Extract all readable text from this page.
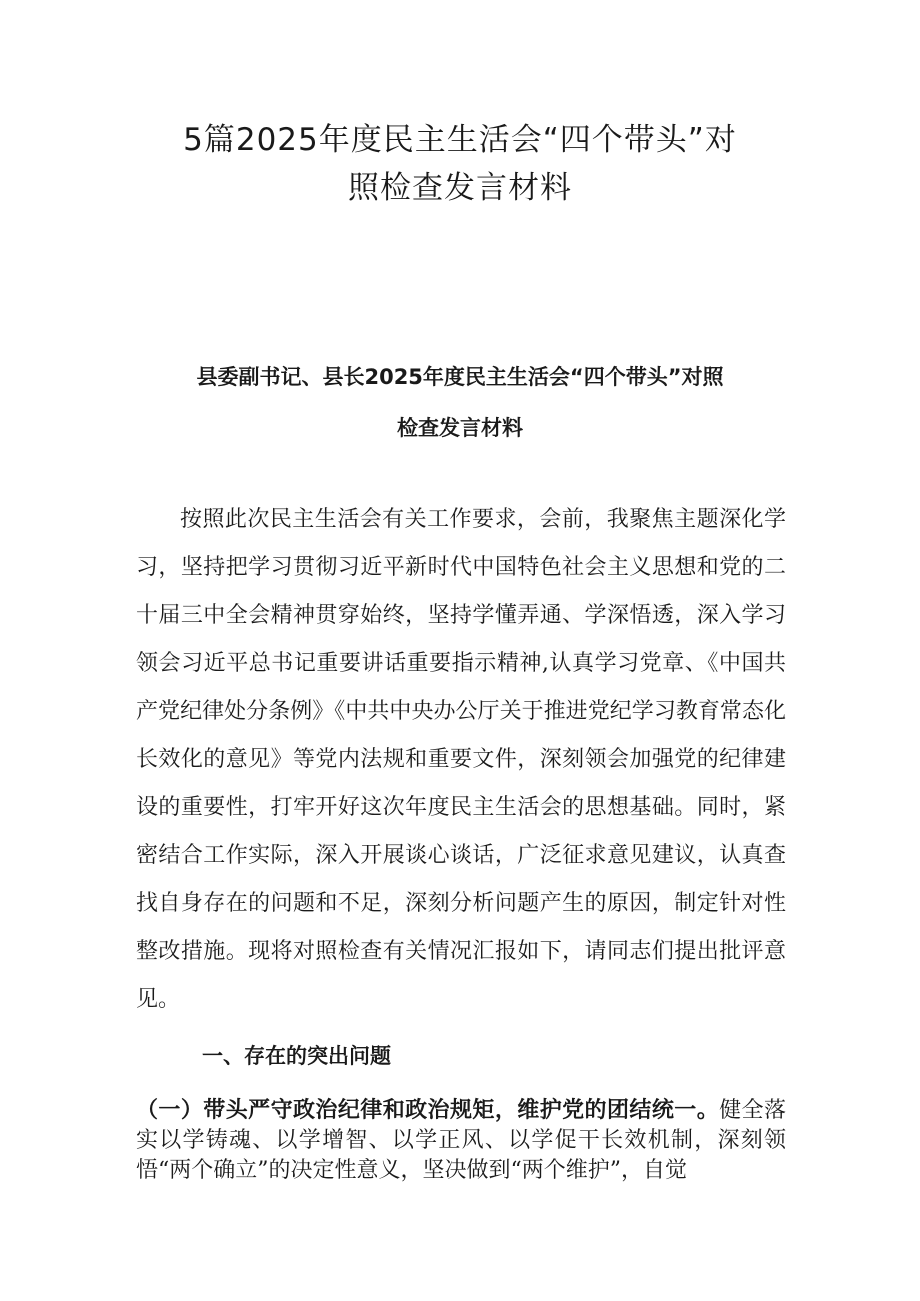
5篇2025年度民主生活会“四个带头”对
照检查发言材料
县委副书记、县长2025年度民主生活会“四个带头”对照
检查发言材料

按照此次民主生活会有关工作要求，会前，我聚焦主题深化学习，坚持把学习贯彻习近平新时代中国特色社会主义思想和党的二十届三中全会精神贯穿始终，坚持学懂弄通、学深悟透，深入学习领会习近平总书记重要讲话重要指示精神,认真学习党章、《中国共产党纪律处分条例》《中共中央办公厅关于推进党纪学习教育常态化长效化的意见》等党内法规和重要文件，深刻领会加强党的纪律建设的重要性，打牢开好这次年度民主生活会的思想基础。同时，紧密结合工作实际，深入开展谈心谈话，广泛征求意见建议，认真查找自身存在的问题和不足，深刻分析问题产生的原因，制定针对性整改措施。现将对照检查有关情况汇报如下，请同志们提出批评意见。

一、存在的突出问题

（一）带头严守政治纪律和政治规矩，维护党的团结统一。健全落实以学铸魂、以学增智、以学正风、以学促干长效机制，深刻领悟“两个确立”的决定性意义，坚决做到“两个维护”，自觉
